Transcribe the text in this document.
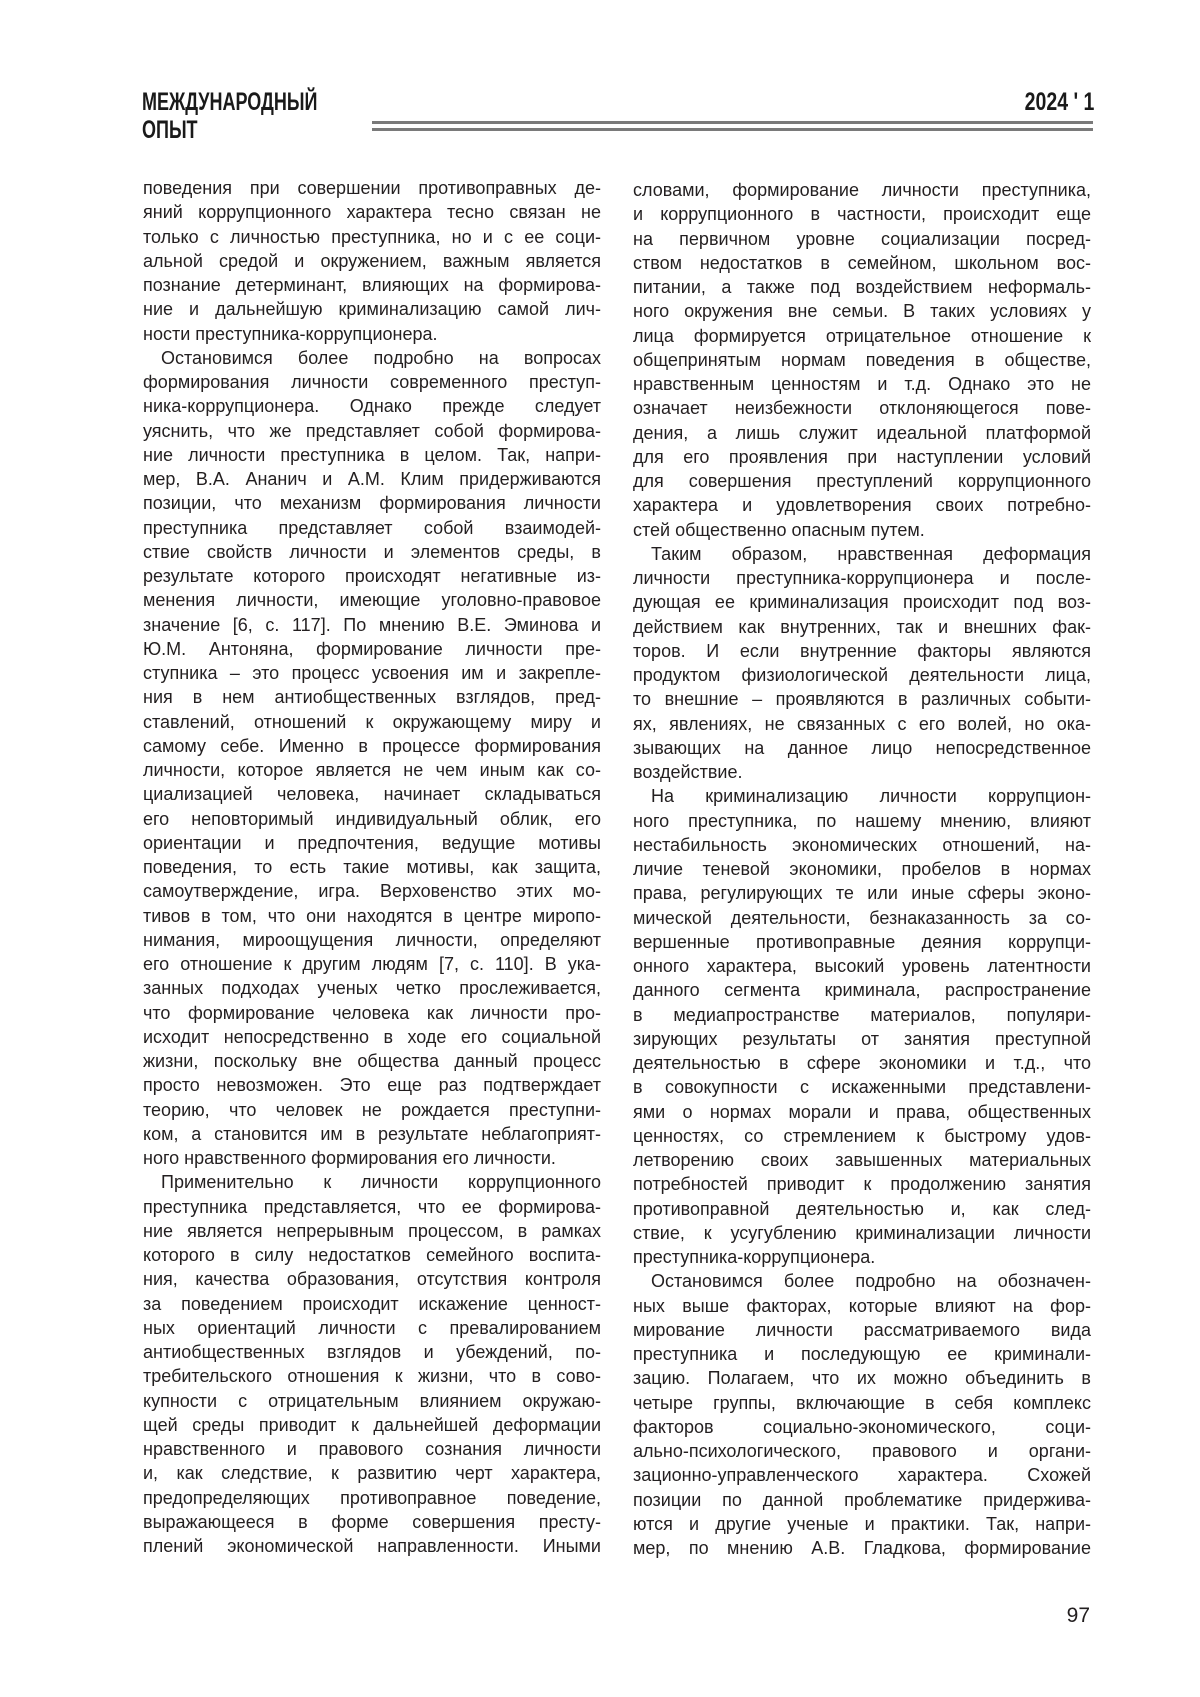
МЕЖДУНАРОДНЫЙ
ОПЫТ
2024 ' 1
поведения при совершении противоправных де-
яний коррупционного характера тесно связан не
только с личностью преступника, но и с ее соци-
альной средой и окружением, важным является
познание детерминант, влияющих на формирова-
ние и дальнейшую криминализацию самой лич-
ности преступника-коррупционера.
Остановимся более подробно на вопросах
формирования личности современного преступ-
ника-коррупционера. Однако прежде следует
уяснить, что же представляет собой формирова-
ние личности преступника в целом. Так, напри-
мер, В.А. Ананич и А.М. Клим придерживаются
позиции, что механизм формирования личности
преступника представляет собой взаимодей-
ствие свойств личности и элементов среды, в
результате которого происходят негативные из-
менения личности, имеющие уголовно-правовое
значение [6, с. 117]. По мнению В.Е. Эминова и
Ю.М. Антоняна, формирование личности пре-
ступника – это процесс усвоения им и закрепле-
ния в нем антиобщественных взглядов, пред-
ставлений, отношений к окружающему миру и
самому себе. Именно в процессе формирования
личности, которое является не чем иным как со-
циализацией человека, начинает складываться
его неповторимый индивидуальный облик, его
ориентации и предпочтения, ведущие мотивы
поведения, то есть такие мотивы, как защита,
самоутверждение, игра. Верховенство этих мо-
тивов в том, что они находятся в центре миропо-
нимания, мироощущения личности, определяют
его отношение к другим людям [7, с. 110]. В ука-
занных подходах ученых четко прослеживается,
что формирование человека как личности про-
исходит непосредственно в ходе его социальной
жизни, поскольку вне общества данный процесс
просто невозможен. Это еще раз подтверждает
теорию, что человек не рождается преступни-
ком, а становится им в результате неблагоприят-
ного нравственного формирования его личности.
Применительно к личности коррупционного
преступника представляется, что ее формирова-
ние является непрерывным процессом, в рамках
которого в силу недостатков семейного воспита-
ния, качества образования, отсутствия контроля
за поведением происходит искажение ценност-
ных ориентаций личности с превалированием
антиобщественных взглядов и убеждений, по-
требительского отношения к жизни, что в сово-
купности с отрицательным влиянием окружаю-
щей среды приводит к дальнейшей деформации
нравственного и правового сознания личности
и, как следствие, к развитию черт характера,
предопределяющих противоправное поведение,
выражающееся в форме совершения престу-
плений экономической направленности. Иными
словами, формирование личности преступника,
и коррупционного в частности, происходит еще
на первичном уровне социализации посред-
ством недостатков в семейном, школьном вос-
питании, а также под воздействием неформаль-
ного окружения вне семьи. В таких условиях у
лица формируется отрицательное отношение к
общепринятым нормам поведения в обществе,
нравственным ценностям и т.д. Однако это не
означает неизбежности отклоняющегося пове-
дения, а лишь служит идеальной платформой
для его проявления при наступлении условий
для совершения преступлений коррупционного
характера и удовлетворения своих потребно-
стей общественно опасным путем.
Таким образом, нравственная деформация
личности преступника-коррупционера и после-
дующая ее криминализация происходит под воз-
действием как внутренних, так и внешних фак-
торов. И если внутренние факторы являются
продуктом физиологической деятельности лица,
то внешние – проявляются в различных событи-
ях, явлениях, не связанных с его волей, но ока-
зывающих на данное лицо непосредственное
воздействие.
На криминализацию личности коррупцион-
ного преступника, по нашему мнению, влияют
нестабильность экономических отношений, на-
личие теневой экономики, пробелов в нормах
права, регулирующих те или иные сферы эконо-
мической деятельности, безнаказанность за со-
вершенные противоправные деяния коррупци-
онного характера, высокий уровень латентности
данного сегмента криминала, распространение
в медиапространстве материалов, популяри-
зирующих результаты от занятия преступной
деятельностью в сфере экономики и т.д., что
в совокупности с искаженными представлени-
ями о нормах морали и права, общественных
ценностях, со стремлением к быстрому удов-
летворению своих завышенных материальных
потребностей приводит к продолжению занятия
противоправной деятельностью и, как след-
ствие, к усугублению криминализации личности
преступника-коррупционера.
Остановимся более подробно на обозначен-
ных выше факторах, которые влияют на фор-
мирование личности рассматриваемого вида
преступника и последующую ее криминали-
зацию. Полагаем, что их можно объединить в
четыре группы, включающие в себя комплекс
факторов социально-экономического, соци-
ально-психологического, правового и органи-
зационно-управленческого характера. Схожей
позиции по данной проблематике придержива-
ются и другие ученые и практики. Так, напри-
мер, по мнению А.В. Гладкова, формирование
97
